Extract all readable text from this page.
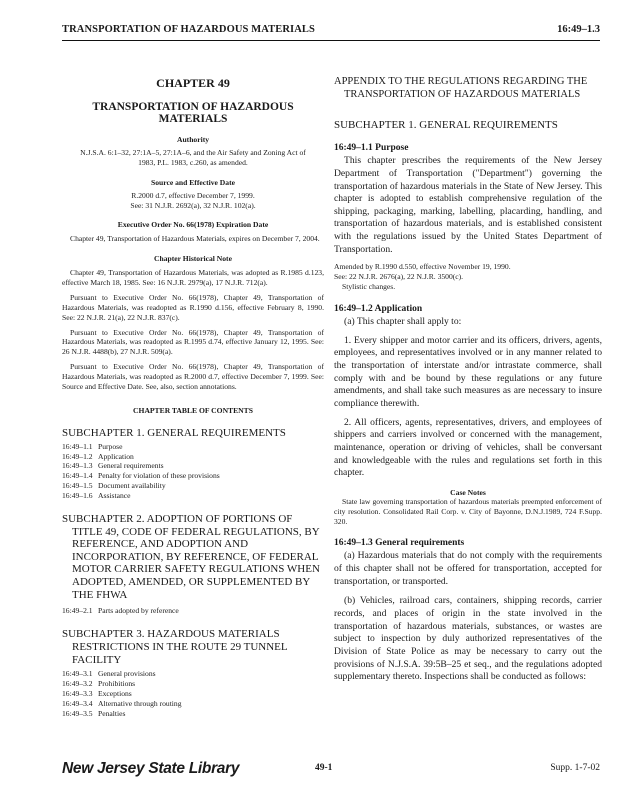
TRANSPORTATION OF HAZARDOUS MATERIALS	16:49–1.3
CHAPTER 49
TRANSPORTATION OF HAZARDOUS MATERIALS
Authority
N.J.S.A. 6:1–32, 27:1A–5, 27:1A–6, and the Air Safety and Zoning Act of 1983, P.L. 1983, c.260, as amended.
Source and Effective Date
R.2000 d.7, effective December 7, 1999.
See: 31 N.J.R. 2692(a), 32 N.J.R. 102(a).
Executive Order No. 66(1978) Expiration Date
Chapter 49, Transportation of Hazardous Materials, expires on December 7, 2004.
Chapter Historical Note
Chapter 49, Transportation of Hazardous Materials, was adopted as R.1985 d.123, effective March 18, 1985. See: 16 N.J.R. 2979(a), 17 N.J.R. 712(a).
Pursuant to Executive Order No. 66(1978), Chapter 49, Transportation of Hazardous Materials, was readopted as R.1990 d.156, effective February 8, 1990. See: 22 N.J.R. 21(a), 22 N.J.R. 837(c).
Pursuant to Executive Order No. 66(1978), Chapter 49, Transportation of Hazardous Materials, was readopted as R.1995 d.74, effective January 12, 1995. See: 26 N.J.R. 4488(b), 27 N.J.R. 509(a).
Pursuant to Executive Order No. 66(1978), Chapter 49, Transportation of Hazardous Materials, was readopted as R.2000 d.7, effective December 7, 1999. See: Source and Effective Date. See, also, section annotations.
CHAPTER TABLE OF CONTENTS
SUBCHAPTER 1. GENERAL REQUIREMENTS
16:49–1.1 Purpose
16:49–1.2 Application
16:49–1.3 General requirements
16:49–1.4 Penalty for violation of these provisions
16:49–1.5 Document availability
16:49–1.6 Assistance
SUBCHAPTER 2. ADOPTION OF PORTIONS OF TITLE 49, CODE OF FEDERAL REGULATIONS, BY REFERENCE, AND ADOPTION AND INCORPORATION, BY REFERENCE, OF FEDERAL MOTOR CARRIER SAFETY REGULATIONS WHEN ADOPTED, AMENDED, OR SUPPLEMENTED BY THE FHWA
16:49–2.1 Parts adopted by reference
SUBCHAPTER 3. HAZARDOUS MATERIALS RESTRICTIONS IN THE ROUTE 29 TUNNEL FACILITY
16:49–3.1 General provisions
16:49–3.2 Prohibitions
16:49–3.3 Exceptions
16:49–3.4 Alternative through routing
16:49–3.5 Penalties
APPENDIX TO THE REGULATIONS REGARDING THE TRANSPORTATION OF HAZARDOUS MATERIALS
SUBCHAPTER 1. GENERAL REQUIREMENTS
16:49–1.1 Purpose
This chapter prescribes the requirements of the New Jersey Department of Transportation ("Department") governing the transportation of hazardous materials in the State of New Jersey. This chapter is adopted to establish comprehensive regulation of the shipping, packaging, marking, labelling, placarding, handling, and transportation of hazardous materials, and is established consistent with the regulations issued by the United States Department of Transportation.
Amended by R.1990 d.550, effective November 19, 1990.
See: 22 N.J.R. 2676(a), 22 N.J.R. 3500(c).
Stylistic changes.
16:49–1.2 Application
(a) This chapter shall apply to:
1. Every shipper and motor carrier and its officers, drivers, agents, employees, and representatives involved or in any manner related to the transportation of interstate and/or intrastate commerce, shall comply with and be bound by these regulations or any future amendments, and shall take such measures as are necessary to insure compliance therewith.
2. All officers, agents, representatives, drivers, and employees of shippers and carriers involved or concerned with the management, maintenance, operation or driving of vehicles, shall be conversant and knowledgeable with the rules and regulations set forth in this chapter.
Case Notes
State law governing transportation of hazardous materials preempted enforcement of city resolution. Consolidated Rail Corp. v. City of Bayonne, D.N.J.1989, 724 F.Supp. 320.
16:49–1.3 General requirements
(a) Hazardous materials that do not comply with the requirements of this chapter shall not be offered for transportation, accepted for transportation, or transported.
(b) Vehicles, railroad cars, containers, shipping records, carrier records, and places of origin in the state involved in the transportation of hazardous materials, substances, or wastes are subject to inspection by duly authorized representatives of the Division of State Police as may be necessary to carry out the provisions of N.J.S.A. 39:5B–25 et seq., and the regulations adopted supplementary thereto. Inspections shall be conducted as follows:
New Jersey State Library	49-1	Supp. 1-7-02
